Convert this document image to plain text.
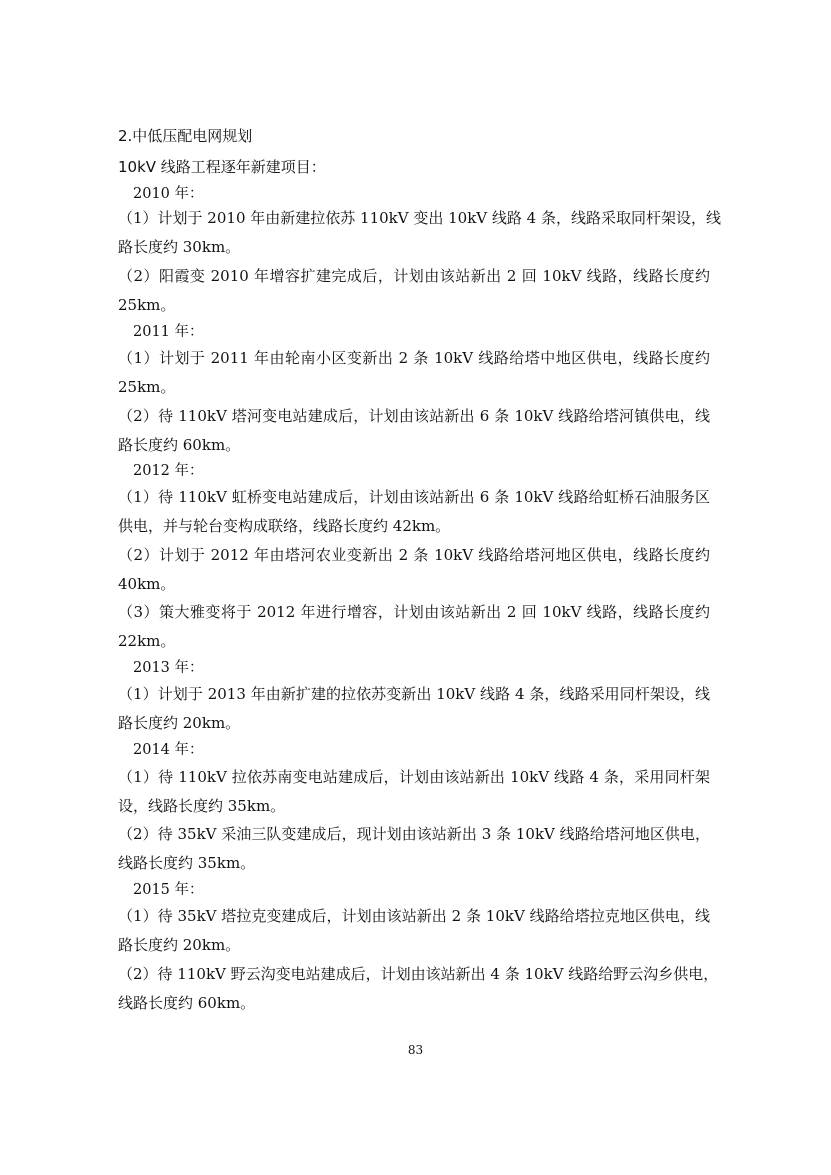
2.中低压配电网规划
10kV 线路工程逐年新建项目：
2010 年：
（1）计划于 2010 年由新建拉依苏 110kV 变出 10kV 线路 4 条，线路采取同杆架设，线
路长度约 30km。
（2）阳霞变 2010 年增容扩建完成后，计划由该站新出 2 回 10kV 线路，线路长度约
25km。
2011 年：
（1）计划于 2011 年由轮南小区变新出 2 条 10kV 线路给塔中地区供电，线路长度约
25km。
（2）待 110kV 塔河变电站建成后，计划由该站新出 6 条 10kV 线路给塔河镇供电，线
路长度约 60km。
2012 年：
（1）待 110kV 虹桥变电站建成后，计划由该站新出 6 条 10kV 线路给虹桥石油服务区
供电，并与轮台变构成联络，线路长度约 42km。
（2）计划于 2012 年由塔河农业变新出 2 条 10kV 线路给塔河地区供电，线路长度约
40km。
（3）策大雅变将于 2012 年进行增容，计划由该站新出 2 回 10kV 线路，线路长度约
22km。
2013 年：
（1）计划于 2013 年由新扩建的拉依苏变新出 10kV 线路 4 条，线路采用同杆架设，线
路长度约 20km。
2014 年：
（1）待 110kV 拉依苏南变电站建成后，计划由该站新出 10kV 线路 4 条，采用同杆架
设，线路长度约 35km。
（2）待 35kV 采油三队变建成后，现计划由该站新出 3 条 10kV 线路给塔河地区供电，
线路长度约 35km。
2015 年：
（1）待 35kV 塔拉克变建成后，计划由该站新出 2 条 10kV 线路给塔拉克地区供电，线
路长度约 20km。
（2）待 110kV 野云沟变电站建成后，计划由该站新出 4 条 10kV 线路给野云沟乡供电，
线路长度约 60km。
83
